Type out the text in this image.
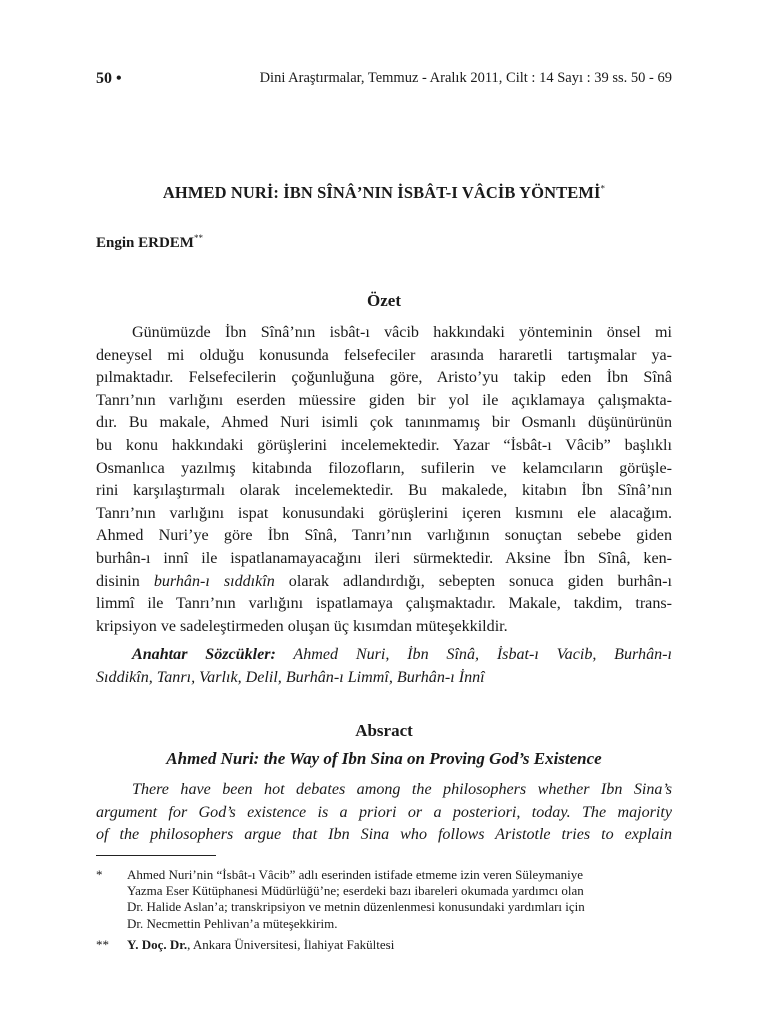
50 •	Dini Araştırmalar, Temmuz - Aralık 2011, Cilt : 14 Sayı : 39 ss. 50 - 69
AHMED NURİ: İBN SÎNÂ’NIN İSBÂT-I VÂCİB YÖNTEMİ*
Engin ERDEM**
Özet
Günümüzde İbn Sînâ’nın isbât-ı vâcib hakkındaki yönteminin önsel mi
deneysel mi olduğu konusunda felsefeciler arasında hararetli tartışmalar ya-
pılmaktadır. Felsefecilerin çoğunluğuna göre, Aristo’yu takip eden İbn Sînâ
Tanrı’nın varlığını eserden müessire giden bir yol ile açıklamaya çalışmakta-
dır. Bu makale, Ahmed Nuri isimli çok tanınmamış bir Osmanlı düşünürünün
bu konu hakkındaki görüşlerini incelemektedir. Yazar “İsbât-ı Vâcib” başlıklı
Osmanlıca yazılmış kitabında filozofların, sufilerin ve kelamcıların görüşle-
rini karşılaştırmalı olarak incelemektedir. Bu makalede, kitabın İbn Sînâ’nın
Tanrı’nın varlığını ispat konusundaki görüşlerini içeren kısmını ele alacağım.
Ahmed Nuri’ye göre İbn Sînâ, Tanrı’nın varlığının sonuçtan sebebe giden
burhân-ı innî ile ispatlanamayacağını ileri sürmektedir. Aksine İbn Sînâ, ken-
disinin burhân-ı sıddıkîn olarak adlandırdığı, sebepten sonuca giden burhân-ı
limmî ile Tanrı’nın varlığını ispatlamaya çalışmaktadır. Makale, takdim, trans-
kripsiyon ve sadeleştirmeden oluşan üç kısımdan müteşekkildir.
Anahtar Sözcükler: Ahmed Nuri, İbn Sînâ, İsbat-ı Vacib, Burhân-ı
Sıddikîn, Tanrı, Varlık, Delil, Burhân-ı Limmî, Burhân-ı İnnî
Absract
Ahmed Nuri: the Way of Ibn Sina on Proving God’s Existence
There have been hot debates among the philosophers whether Ibn Sina’s
argument for God’s existence is a priori or a posteriori, today. The majority
of the philosophers argue that Ibn Sina who follows Aristotle tries to explain
*	Ahmed Nuri’nin “İsbât-ı Vâcib” adlı eserinden istifade etmeme izin veren Süleymaniye
Yazma Eser Kütüphanesi Müdürlüğü’ne; eserdeki bazı ibareleri okumada yardımcı olan
Dr. Halide Aslan’a; transkripsiyon ve metnin düzenlenmesi konusundaki yardımları için
Dr. Necmettin Pehlivan’a müteşekkirim.
**	Y. Doç. Dr., Ankara Üniversitesi, İlahiyat Fakültesi
